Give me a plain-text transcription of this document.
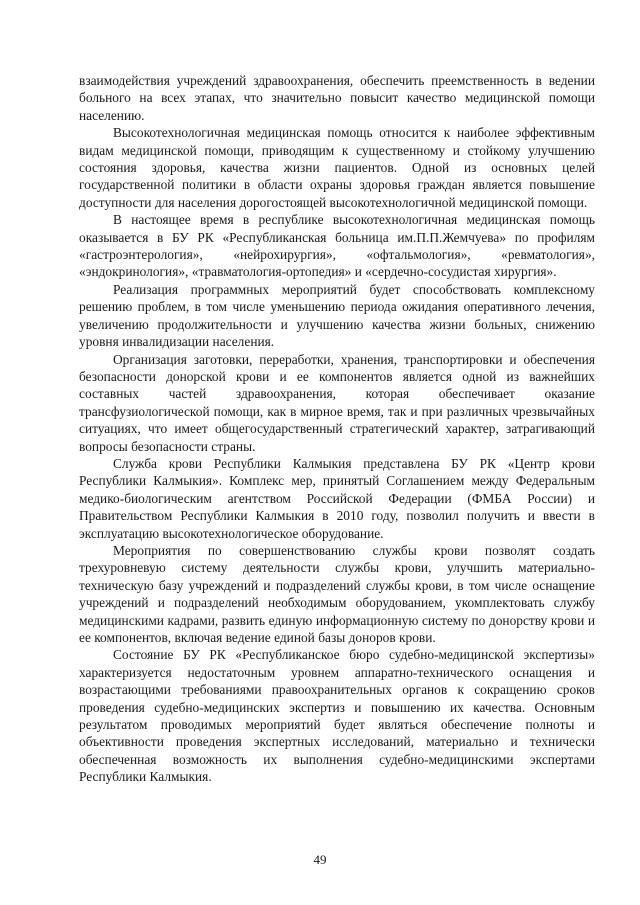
взаимодействия учреждений здравоохранения, обеспечить преемственность в ведении больного на всех этапах, что значительно повысит качество медицинской помощи населению.

Высокотехнологичная медицинская помощь относится к наиболее эффективным видам медицинской помощи, приводящим к существенному и стойкому улучшению состояния здоровья, качества жизни пациентов. Одной из основных целей государственной политики в области охраны здоровья граждан является повышение доступности для населения дорогостоящей высокотехнологичной медицинской помощи.

В настоящее время в республике высокотехнологичная медицинская помощь оказывается в БУ РК «Республиканская больница им.П.П.Жемчуева» по профилям «гастроэнтерология», «нейрохирургия», «офтальмология», «ревматология», «эндокринология», «травматология-ортопедия» и «сердечно-сосудистая хирургия».

Реализация программных мероприятий будет способствовать комплексному решению проблем, в том числе уменьшению периода ожидания оперативного лечения, увеличению продолжительности и улучшению качества жизни больных, снижению уровня инвалидизации населения.

Организация заготовки, переработки, хранения, транспортировки и обеспечения безопасности донорской крови и ее компонентов является одной из важнейших составных частей здравоохранения, которая обеспечивает оказание трансфузиологической помощи, как в мирное время, так и при различных чрезвычайных ситуациях, что имеет общегосударственный стратегический характер, затрагивающий вопросы безопасности страны.

Служба крови Республики Калмыкия представлена БУ РК «Центр крови Республики Калмыкия». Комплекс мер, принятый Соглашением между Федеральным медико-биологическим агентством Российской Федерации (ФМБА России) и Правительством Республики Калмыкия в 2010 году, позволил получить и ввести в эксплуатацию высокотехнологическое оборудование.

Мероприятия по совершенствованию службы крови позволят создать трехуровневую систему деятельности службы крови, улучшить материально-техническую базу учреждений и подразделений службы крови, в том числе оснащение учреждений и подразделений необходимым оборудованием, укомплектовать службу медицинскими кадрами, развить единую информационную систему по донорству крови и ее компонентов, включая ведение единой базы доноров крови.

Состояние БУ РК «Республиканское бюро судебно-медицинской экспертизы» характеризуется недостаточным уровнем аппаратно-технического оснащения и возрастающими требованиями правоохранительных органов к сокращению сроков проведения судебно-медицинских экспертиз и повышению их качества. Основным результатом проводимых мероприятий будет являться обеспечение полноты и объективности проведения экспертных исследований, материально и технически обеспеченная возможность их выполнения судебно-медицинскими экспертами Республики Калмыкия.

49
